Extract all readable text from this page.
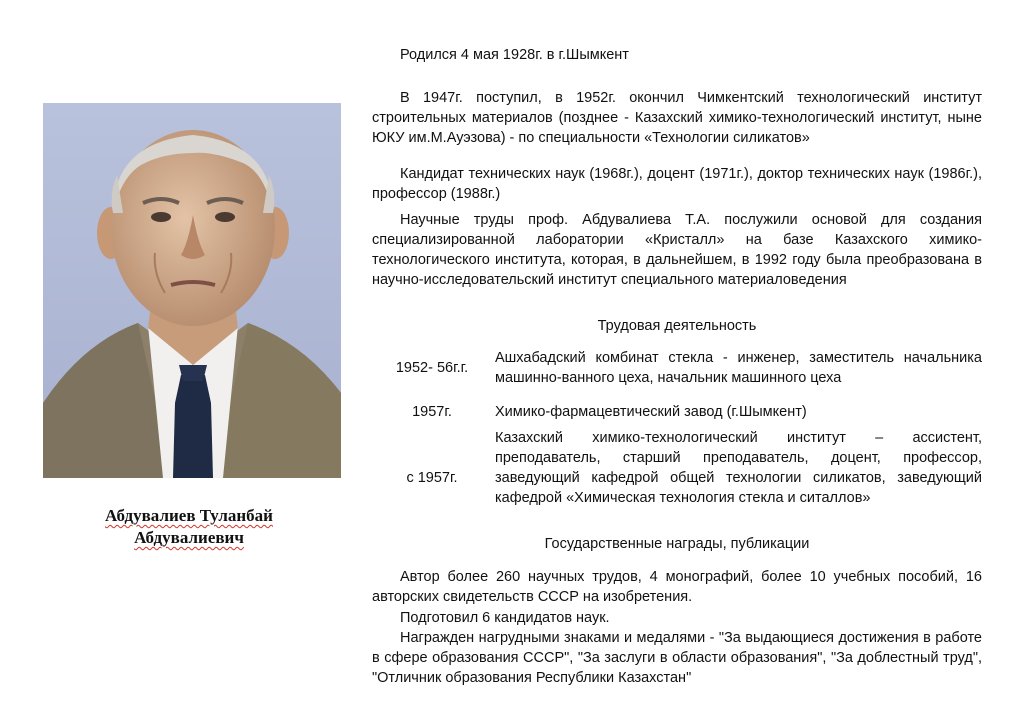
Абдувалиев Туланбай
Абдувалиевич

Родился 4 мая 1928г. в г.Шымкент

В 1947г. поступил, в 1952г. окончил Чимкентский технологический институт строительных материалов (позднее - Казахский химико-технологический институт, ныне ЮКУ им.М.Ауэзова) - по специальности «Технологии силикатов»

Кандидат технических наук (1968г.), доцент (1971г.), доктор технических наук (1986г.), профессор (1988г.)

Научные труды проф. Абдувалиева Т.А. послужили основой для создания специализированной лаборатории «Кристалл» на базе Казахского химико-технологического института, которая, в дальнейшем, в 1992 году была преобразована в научно-исследовательский институт специального материаловедения

Трудовая деятельность

1952- 56г.г.
Ашхабадский комбинат стекла - инженер, заместитель начальника машинно-ванного цеха, начальник машинного цеха
1957г.	Химико-фармацевтический завод (г.Шымкент)
с 1957г.
Казахский химико-технологический институт – ассистент, преподаватель, старший преподаватель, доцент, профессор, заведующий кафедрой общей технологии силикатов, заведующий кафедрой «Химическая технология стекла и ситаллов»

Государственные награды, публикации

Автор более 260 научных трудов, 4 монографий, более 10 учебных пособий, 16 авторских свидетельств СССР на изобретения.

Подготовил 6 кандидатов наук.

Награжден нагрудными знаками и медалями - "За выдающиеся достижения в работе в сфере образования СССР", "За заслуги в области образования", "За доблестный труд", "Отличник образования Республики Казахстан"
